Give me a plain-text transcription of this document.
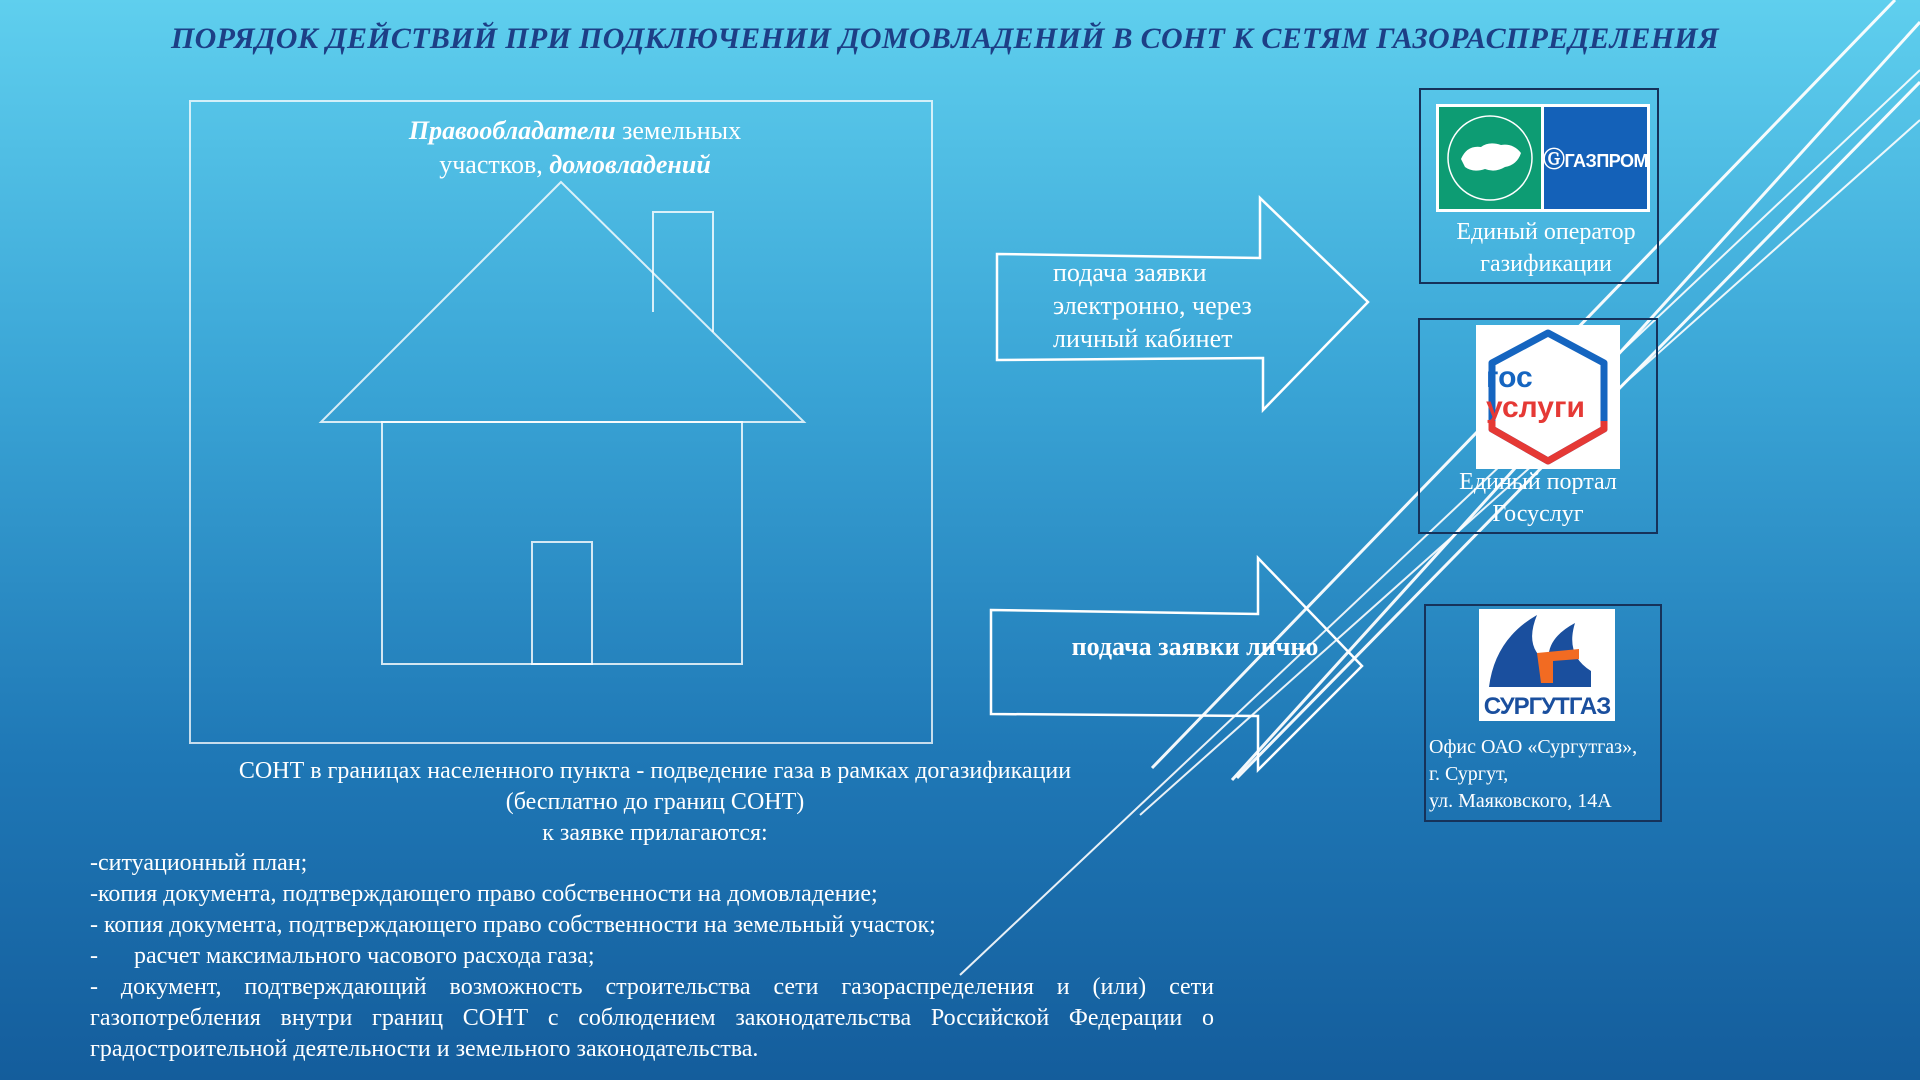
ПОРЯДОК ДЕЙСТВИЙ ПРИ ПОДКЛЮЧЕНИИ ДОМОВЛАДЕНИЙ В СОНТ К СЕТЯМ ГАЗОРАСПРЕДЕЛЕНИЯ
Правообладатели земельных
участков, домовладений
подача заявки электронно, через личный кабинет
подача заявки лично
ⒼГАЗПРОМ
Единый оператор газификации
гос
услуги
Единый портал Госуслуг
СУРГУТГАЗ
Офис ОАО «Сургутгаз»,
г. Сургут,
ул. Маяковского, 14А
СОНТ в границах населенного пункта - подведение газа в рамках догазификации
(бесплатно до границ СОНТ)
к заявке прилагаются:
-ситуационный план;
-копия документа, подтверждающего право собственности на домовладение;
- копия документа, подтверждающего право собственности на земельный участок;
-      расчет максимального часового расхода газа;
- документ, подтверждающий возможность строительства сети газораспределения и (или) сети газопотребления внутри границ СОНТ с соблюдением законодательства Российской Федерации о градостроительной деятельности и земельного законодательства.
